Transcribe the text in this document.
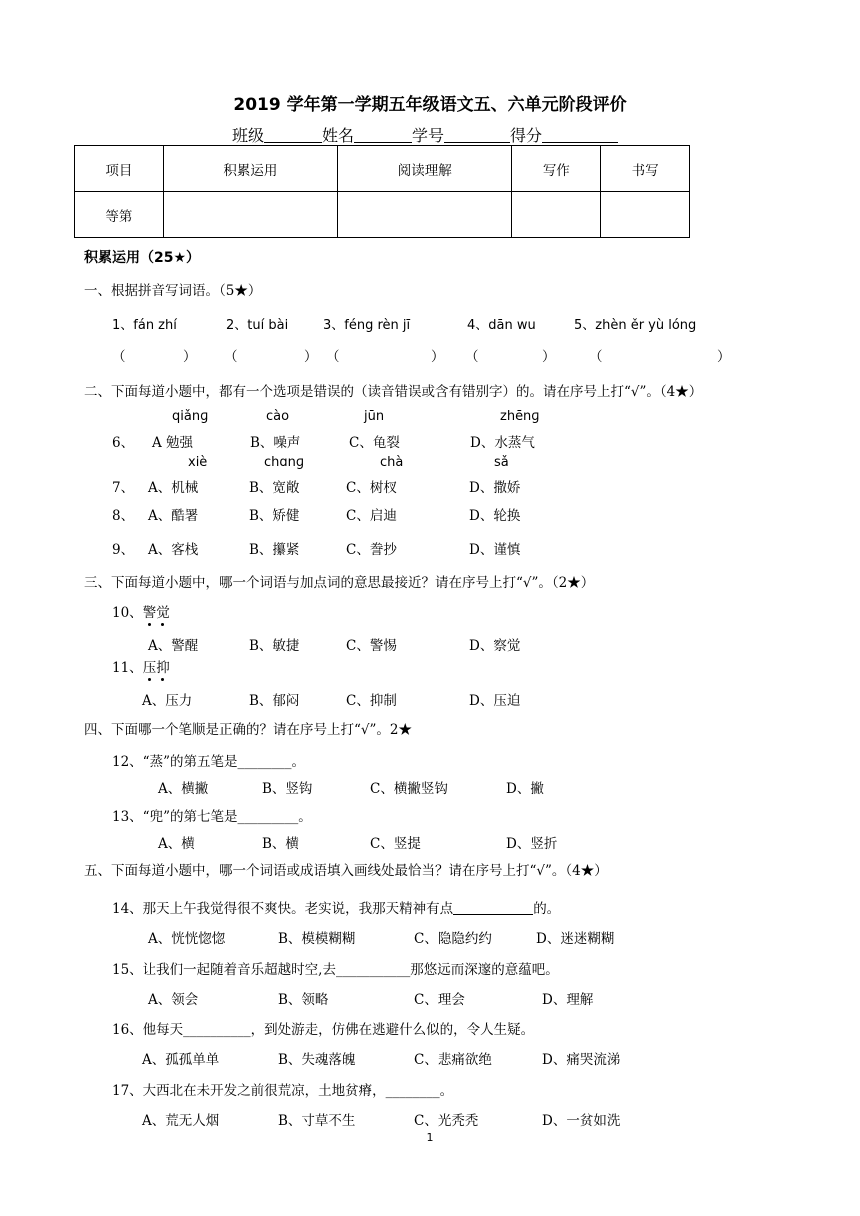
2019 学年第一学期五年级语文五、六单元阶段评价
班级	姓名	学号	得分
项目	积累运用	阅读理解	写作	书写
等第				
积累运用（25★）
一、根据拼音写词语。（5★）
1、fán zhí	2、tuí bài	3、féng rèn jī	4、dān wu	5、zhèn ěr yù lóng
（	） （	） （	） （	） （	）
二、下面每道小题中，都有一个选项是错误的（读音错误或含有错别字）的。请在序号上打“√”。（4★）
qiǎnɡ	cào	jūn	zhēnɡ
6、 A 勉强	B、噪声	C、龟裂	D、水蒸气
xiè	chɑnɡ	chà	sǎ
7、 A、机械	B、宽敞	C、树杈	D、撒娇
8、 A、酷署	B、矫健	C、启迪	D、轮换
9、 A、客栈	B、攥紧	C、誊抄	D、谨慎
三、下面每道小题中，哪一个词语与加点词的意思最接近？请在序号上打“√”。（2★）
10、警觉
A、警醒	B、敏捷	C、警惕	D、察觉
11、压抑
A、压力	B、郁闷	C、抑制	D、压迫
四、下面哪一个笔顺是正确的？请在序号上打“√”。2★
12、“蒸”的第五笔是________。
A、横撇	B、竖钩	C、横撇竖钩	D、撇
13、“兜”的第七笔是_________。
A、横	B、横	C、竖提	D、竖折
五、下面每道小题中，哪一个词语或成语填入画线处最恰当？请在序号上打“√”。（4★）
14、那天上午我觉得很不爽快。老实说，我那天精神有点	的。
A、恍恍惚惚	B、模模糊糊	C、隐隐约约	D、迷迷糊糊
15、让我们一起随着音乐超越时空,去___________那悠远而深邃的意蕴吧。
A、领会	B、领略	C、理会	D、理解
16、他每天__________，到处游走，仿佛在逃避什么似的，令人生疑。
A、孤孤单单	B、失魂落魄	C、悲痛欲绝	D、痛哭流涕
17、大西北在未开发之前很荒凉，土地贫瘠，________。
A、荒无人烟	B、寸草不生	C、光秃秃	D、一贫如洗
1
